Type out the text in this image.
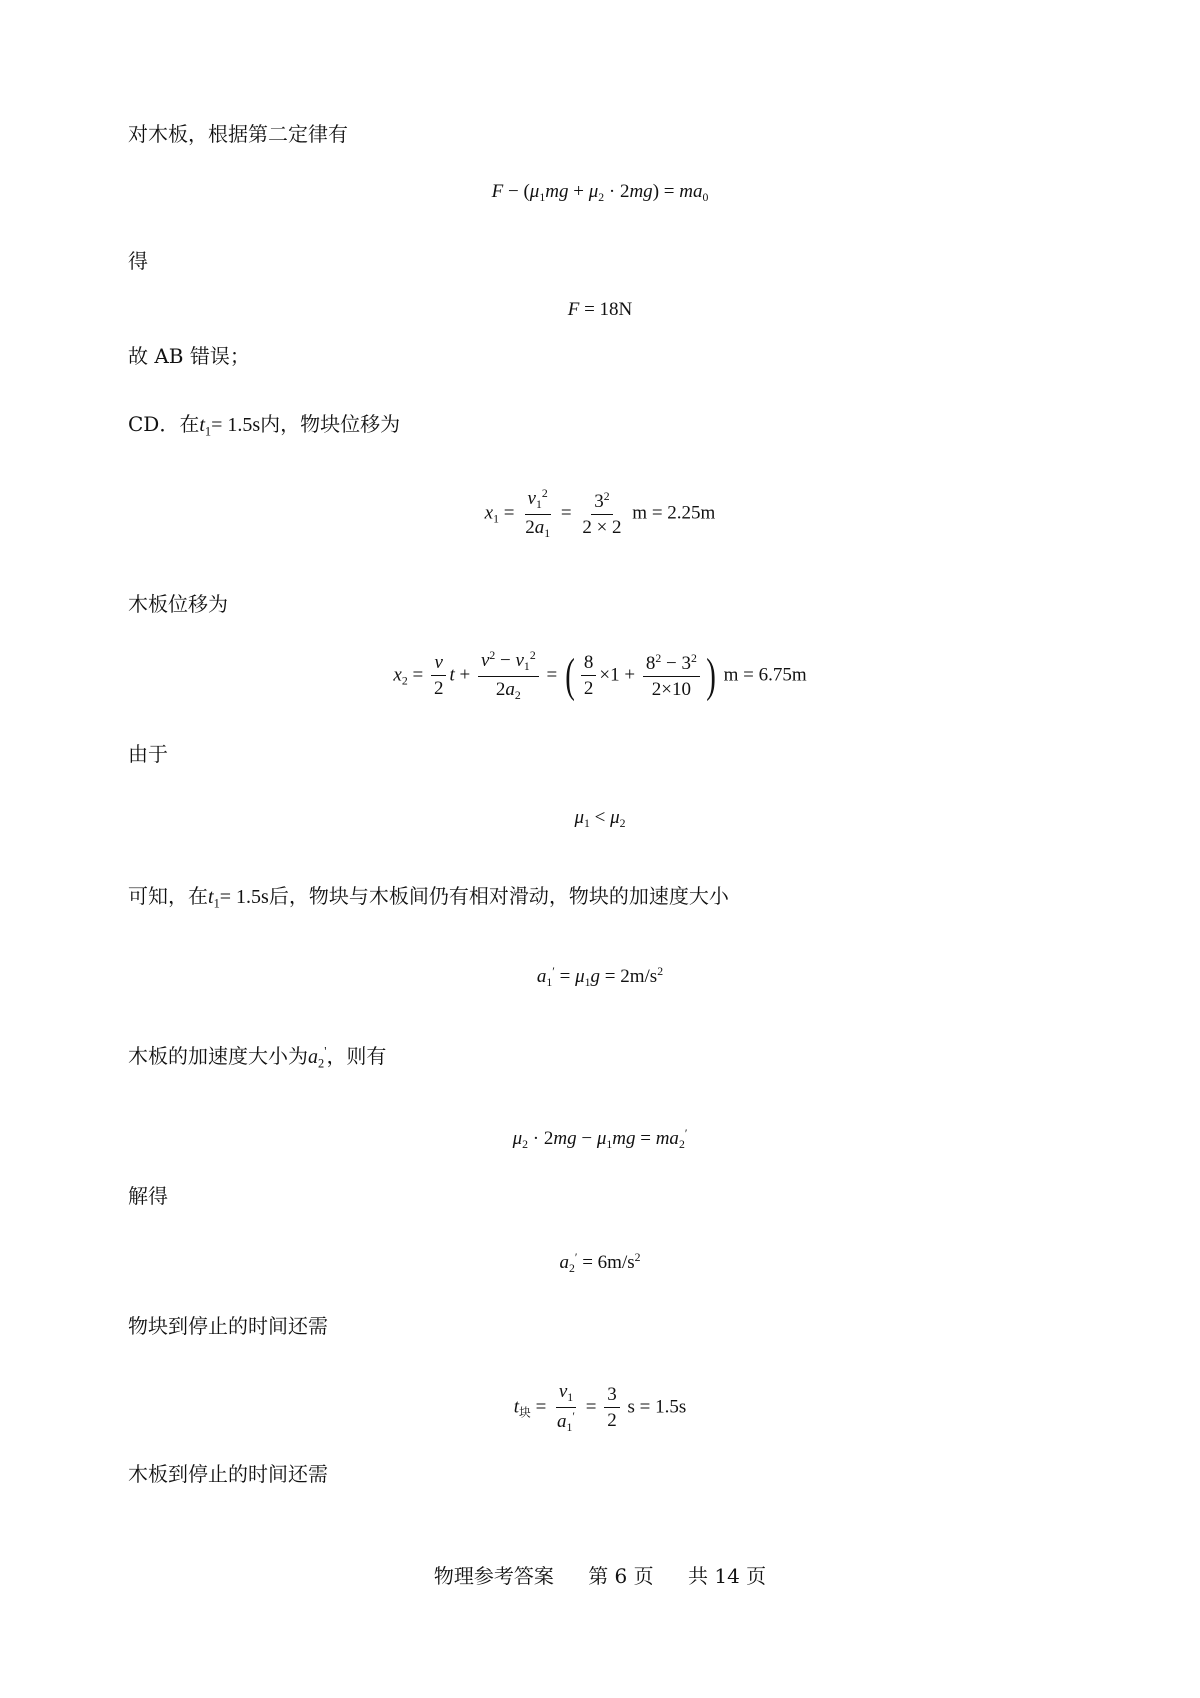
对木板，根据第二定律有
$F - (\mu_1mg + \mu_2 \cdot 2mg) = ma_0$
得
F = 18N
故 AB 错误；
CD．在$t_1= 1.5s$内，物块位移为
$x_1 = \frac{v_1^2}{2a_1} = \frac{3^2}{2 \times 2}$ m = 2.25m
木板位移为
$x_2 = \frac{v}{2}$ $t + \frac{v^2 - v_1^2}{2a_2}$ = ( $\frac{8}{2} \times 1 + \frac{8^2 - 3^2}{2\times 10}$ ) m = 6.75m
由于
$\mu_1 < \mu_2$
可知，在$t_1= 1.5s$后，物块与木板间仍有相对滑动，物块的加速度大小
$a_1' = \mu_1g = 2m/s^2$
木板的加速度大小为$a_2'$，则有
$\mu_2 \cdot 2mg - \mu_1mg = ma_2'$
解得
$a_2' = 6m/s^2$
物块到停止的时间还需
$t_块 = \frac{v_1}{a_1'} = \frac{3}{2}$ s = 1.5s
木板到停止的时间还需
物理参考答案 第 6 页 共 14 页
